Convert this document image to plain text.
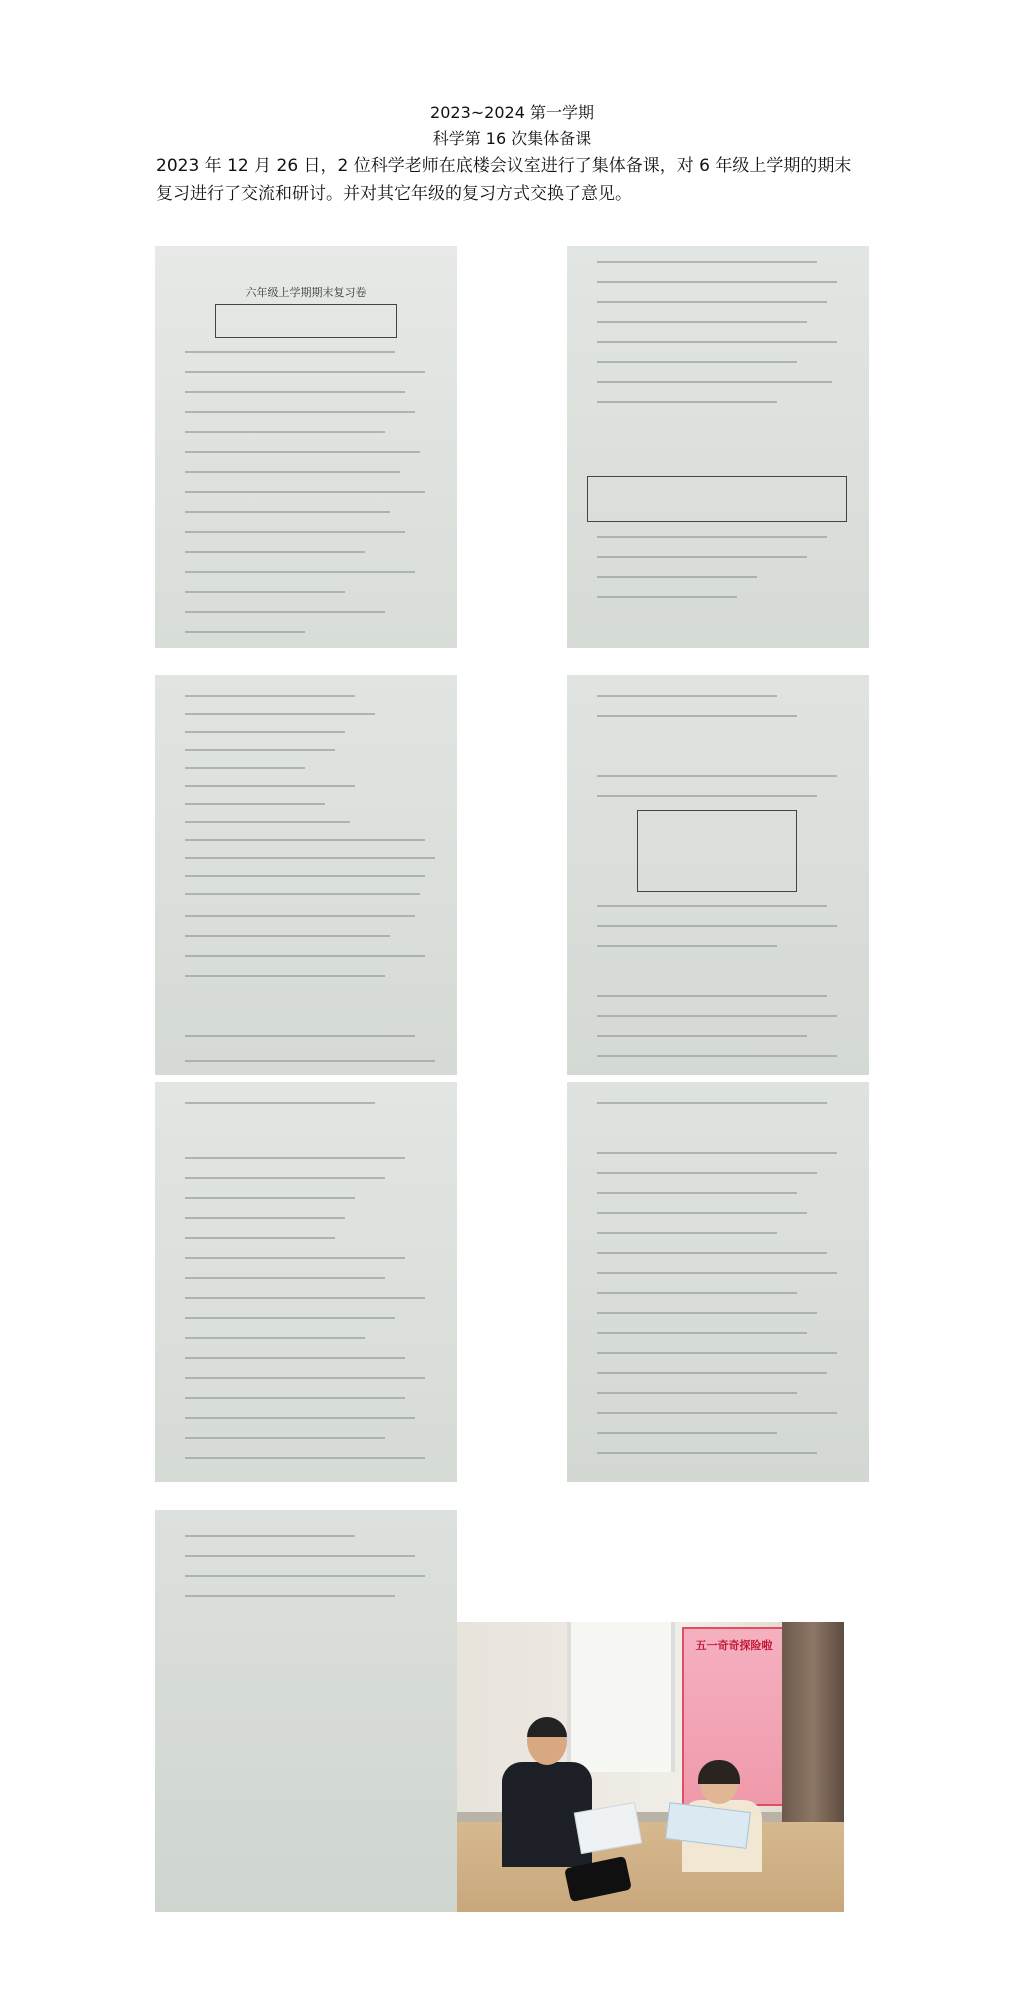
2023~2024 第一学期
科学第 16 次集体备课
2023 年 12 月 26 日，2 位科学老师在底楼会议室进行了集体备课，对 6 年级上学期的期末
复习进行了交流和研讨。并对其它年级的复习方式交换了意见。
六年级上学期期末复习卷
五一奇奇探险啦
